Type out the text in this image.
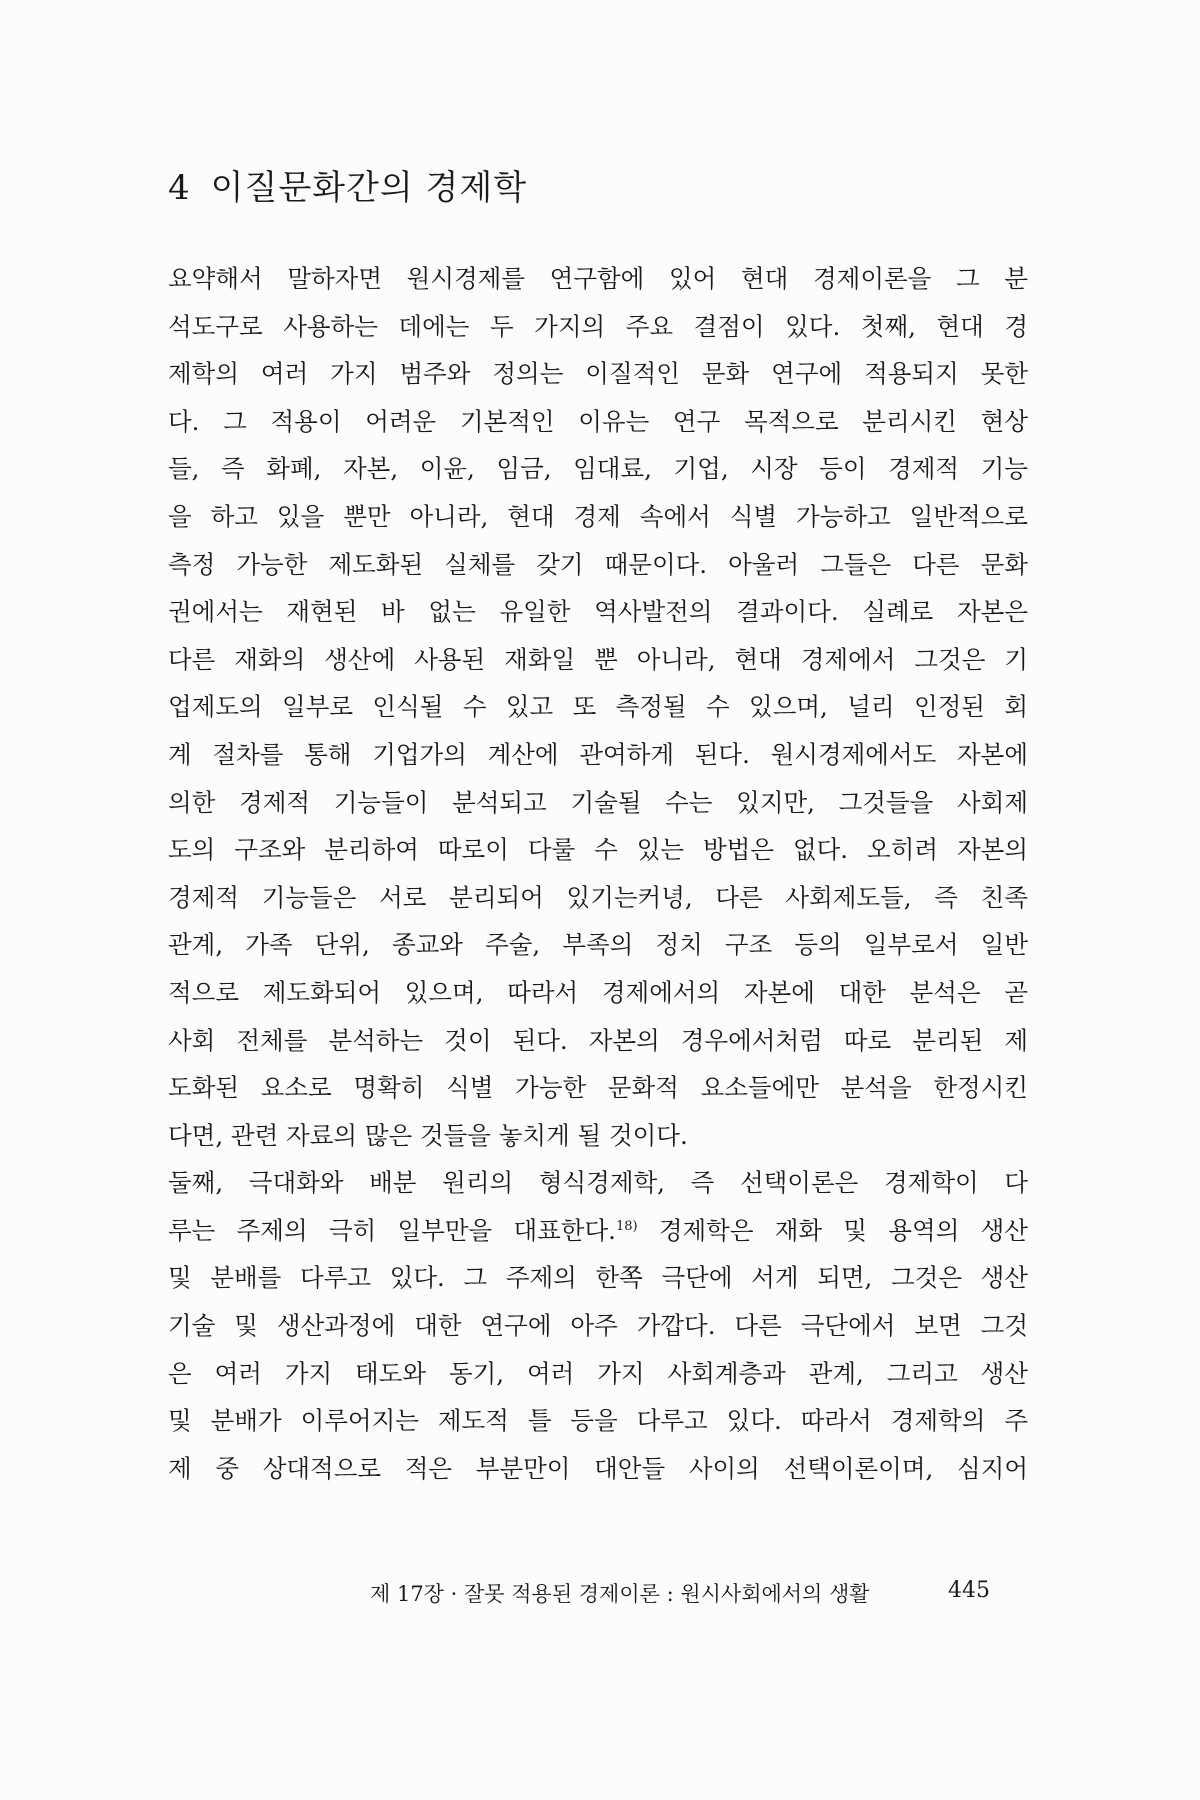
4 이질문화간의 경제학
요약해서 말하자면 원시경제를 연구함에 있어 현대 경제이론을 그 분
석도구로 사용하는 데에는 두 가지의 주요 결점이 있다. 첫째, 현대 경
제학의 여러 가지 범주와 정의는 이질적인 문화 연구에 적용되지 못한
다. 그 적용이 어려운 기본적인 이유는 연구 목적으로 분리시킨 현상
들, 즉 화폐, 자본, 이윤, 임금, 임대료, 기업, 시장 등이 경제적 기능
을 하고 있을 뿐만 아니라, 현대 경제 속에서 식별 가능하고 일반적으로
측정 가능한 제도화된 실체를 갖기 때문이다. 아울러 그들은 다른 문화
권에서는 재현된 바 없는 유일한 역사발전의 결과이다. 실례로 자본은
다른 재화의 생산에 사용된 재화일 뿐 아니라, 현대 경제에서 그것은 기
업제도의 일부로 인식될 수 있고 또 측정될 수 있으며, 널리 인정된 회
계 절차를 통해 기업가의 계산에 관여하게 된다. 원시경제에서도 자본에
의한 경제적 기능들이 분석되고 기술될 수는 있지만, 그것들을 사회제
도의 구조와 분리하여 따로이 다룰 수 있는 방법은 없다. 오히려 자본의
경제적 기능들은 서로 분리되어 있기는커녕, 다른 사회제도들, 즉 친족
관계, 가족 단위, 종교와 주술, 부족의 정치 구조 등의 일부로서 일반
적으로 제도화되어 있으며, 따라서 경제에서의 자본에 대한 분석은 곧
사회 전체를 분석하는 것이 된다. 자본의 경우에서처럼 따로 분리된 제
도화된 요소로 명확히 식별 가능한 문화적 요소들에만 분석을 한정시킨
다면, 관련 자료의 많은 것들을 놓치게 될 것이다.
둘째, 극대화와 배분 원리의 형식경제학, 즉 선택이론은 경제학이 다
루는 주제의 극히 일부만을 대표한다.$^{18)}$ 경제학은 재화 및 용역의 생산
및 분배를 다루고 있다. 그 주제의 한쪽 극단에 서게 되면, 그것은 생산
기술 및 생산과정에 대한 연구에 아주 가깝다. 다른 극단에서 보면 그것
은 여러 가지 태도와 동기, 여러 가지 사회계층과 관계, 그리고 생산
및 분배가 이루어지는 제도적 틀 등을 다루고 있다. 따라서 경제학의 주
제 중 상대적으로 적은 부분만이 대안들 사이의 선택이론이며, 심지어
제 17장 · 잘못 적용된 경제이론 : 원시사회에서의 생활	445
